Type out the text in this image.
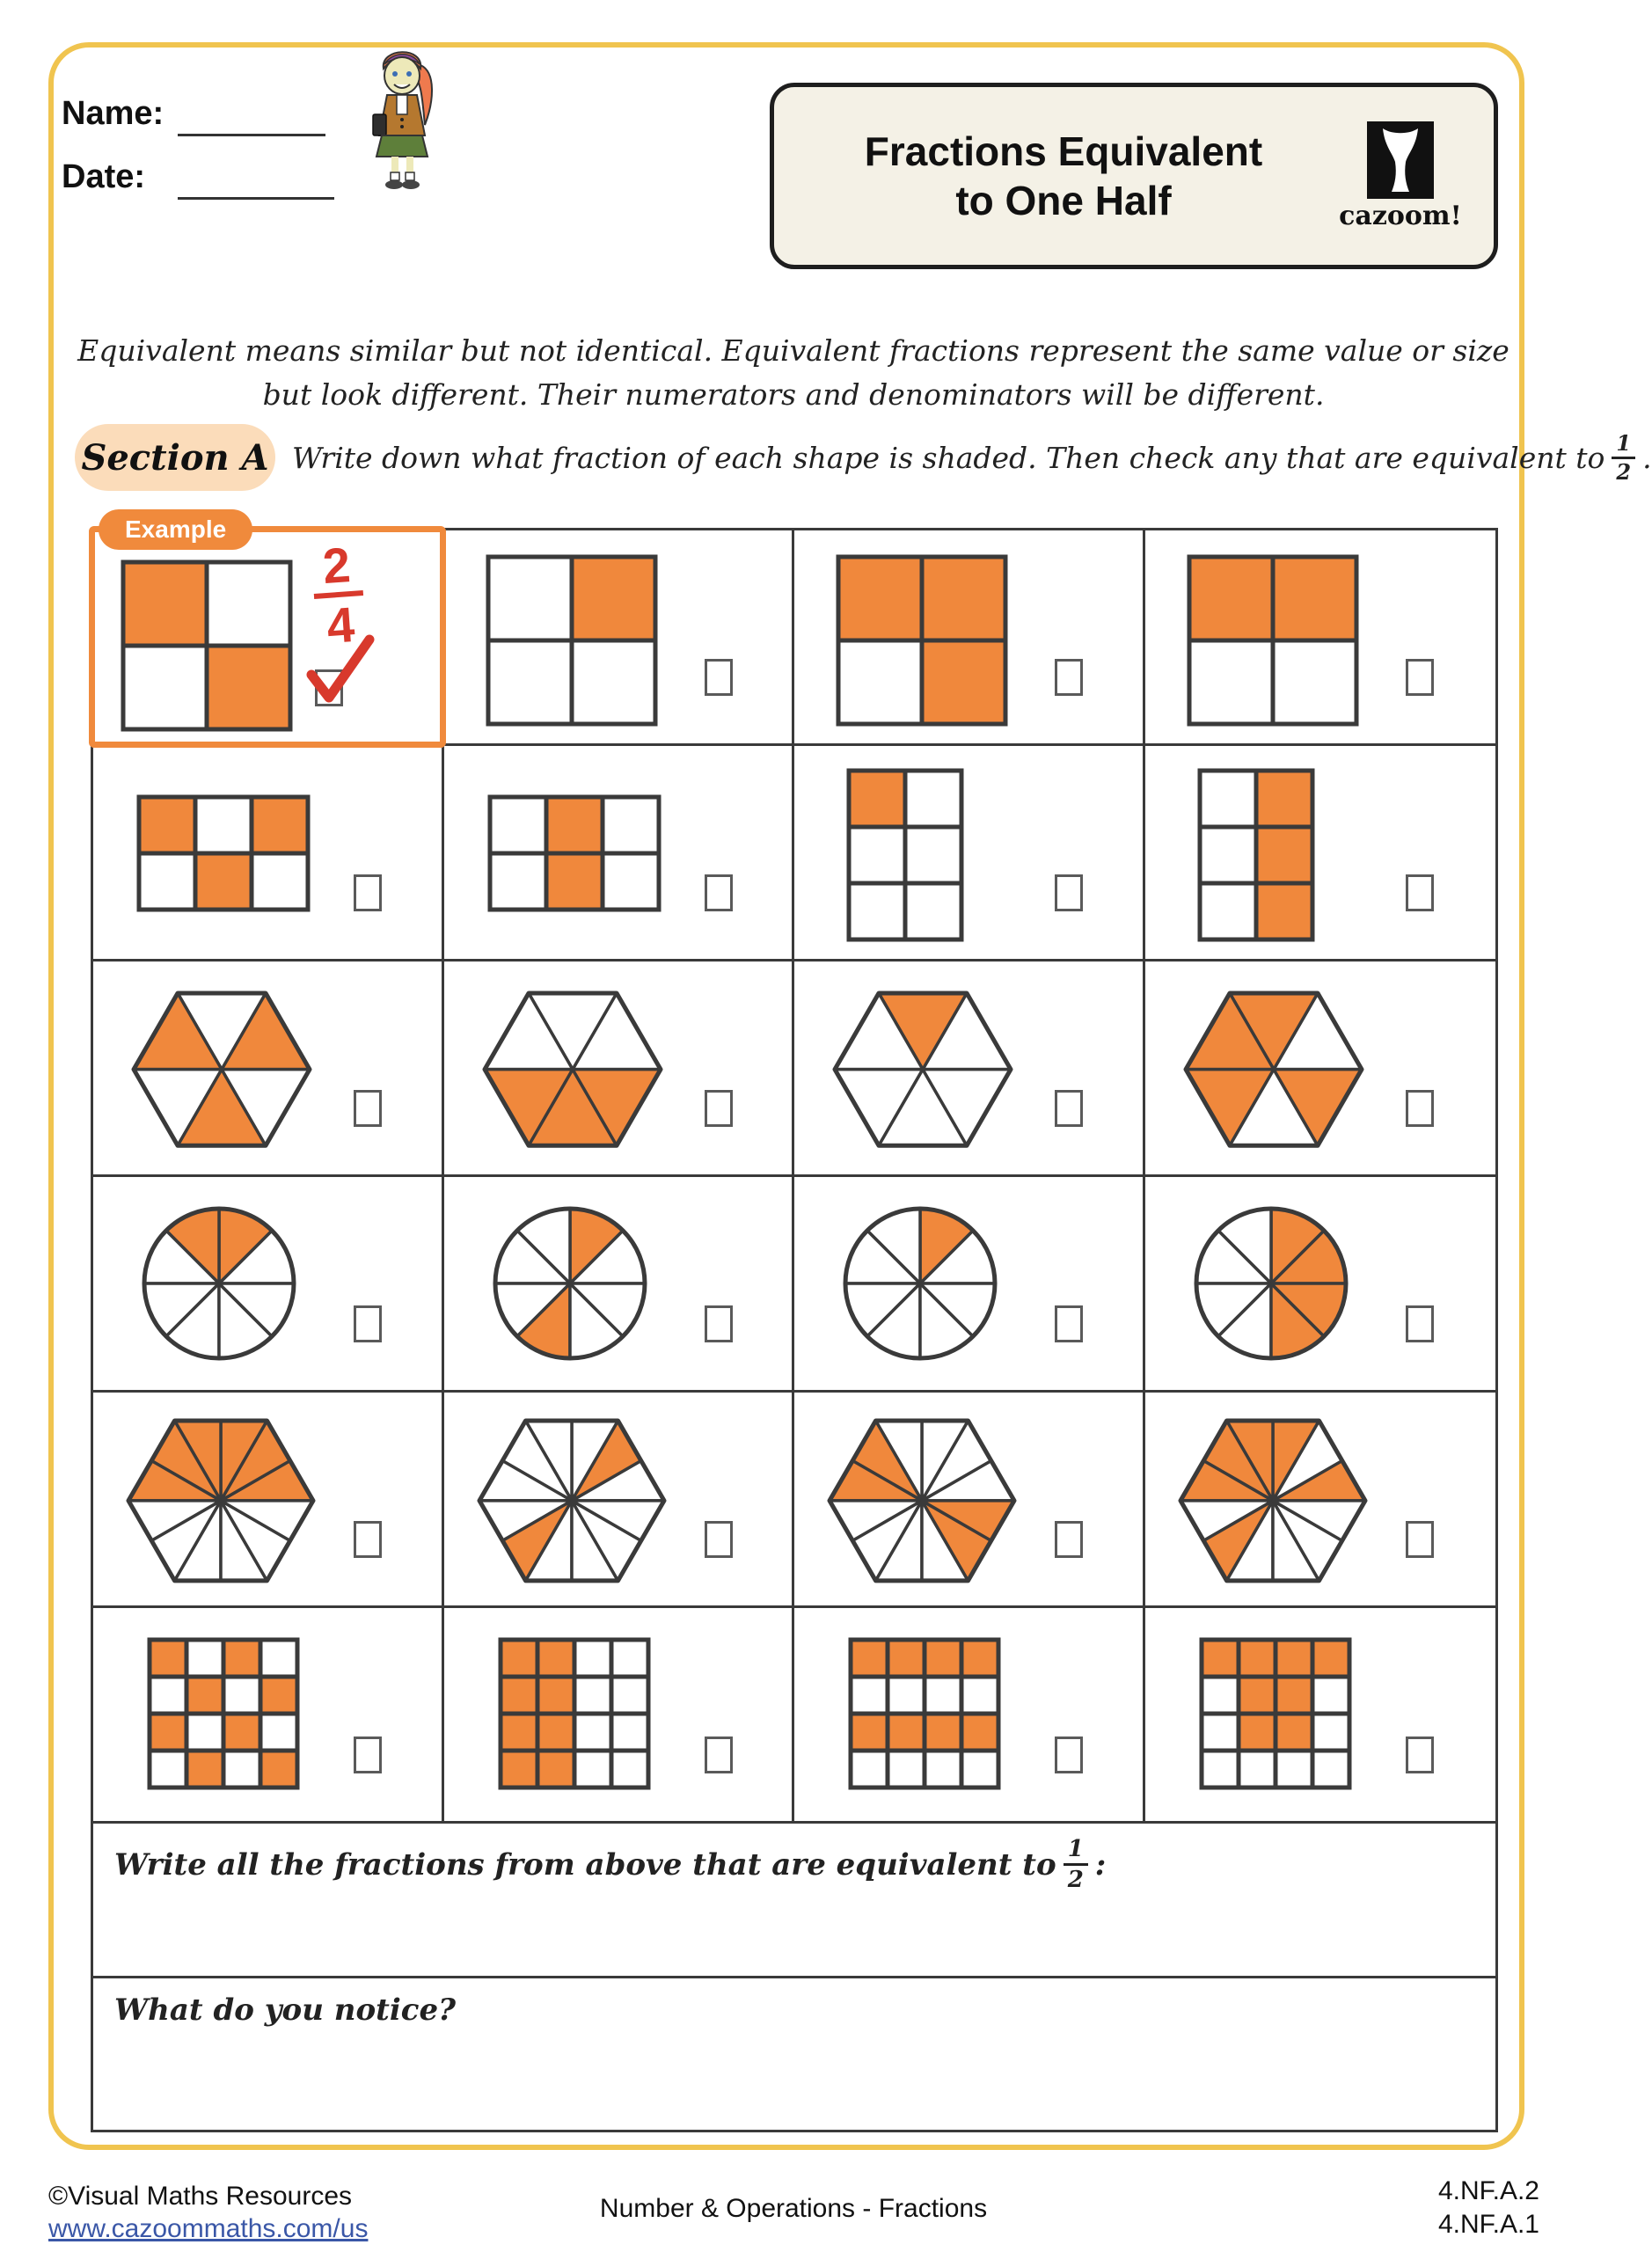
Name:
Date:
Fractions Equivalent
to One Half	cazoom!
Equivalent means similar but not identical. Equivalent fractions represent the same value or size
but look different. Their numerators and denominators will be different.
Section A Write down what fraction of each shape is shaded. Then check any that are equivalent to $\frac{1}{2}$ .
Example
2
4
Write all the fractions from above that are equivalent to $\frac{1}{2}$ :
What do you notice?
©Visual Maths Resources
www.cazoommaths.com/us
Number & Operations - Fractions
4.NF.A.2
4.NF.A.1
